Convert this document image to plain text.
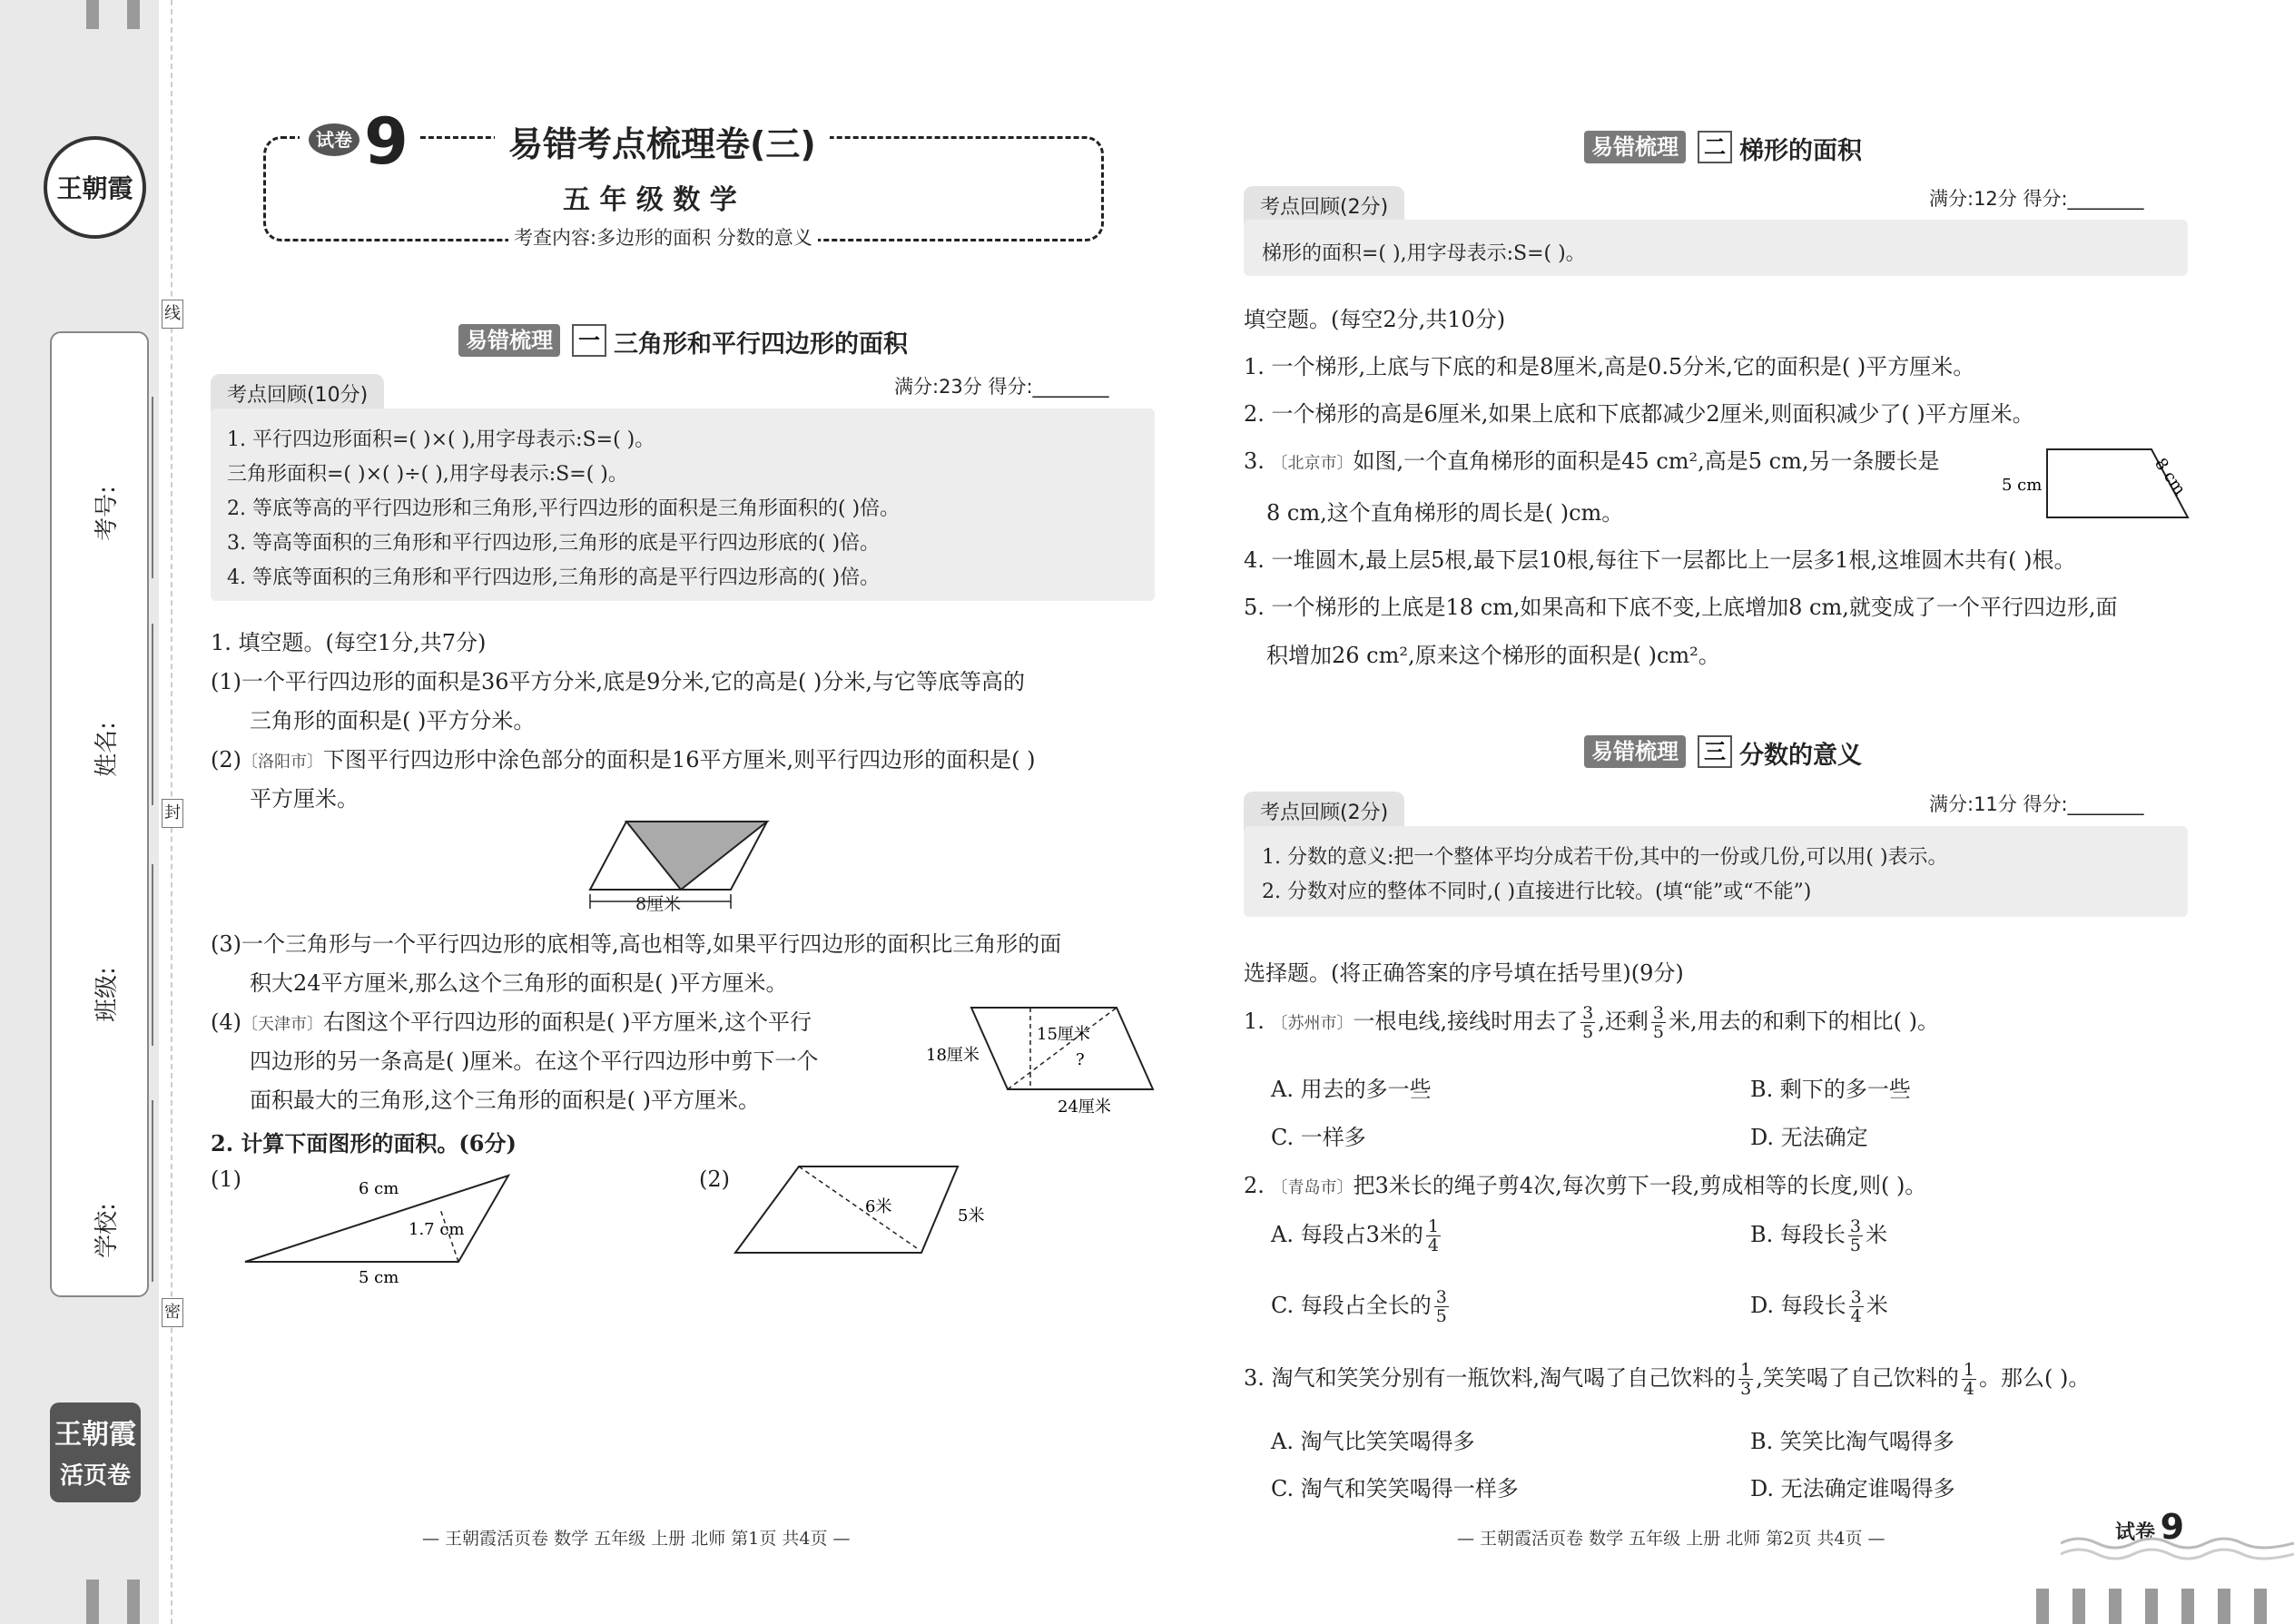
王朝霞
考号:
姓名:
班级:
学校:
王朝霞
活页卷
线
封
密
试卷 9	易错考点梳理卷(三)
五 年 级 数 学
考查内容:多边形的面积 分数的意义
易错梳理	一 三角形和平行四边形的面积
考点回顾(10分)	满分:23分 得分:________
1. 平行四边形面积=( )×( ),用字母表示:S=( )。
三角形面积=( )×( )÷( ),用字母表示:S=( )。
2. 等底等高的平行四边形和三角形,平行四边形的面积是三角形面积的( )倍。
3. 等高等面积的三角形和平行四边形,三角形的底是平行四边形底的( )倍。
4. 等底等面积的三角形和平行四边形,三角形的高是平行四边形高的( )倍。
1. 填空题。(每空1分,共7分)
(1)一个平行四边形的面积是36平方分米,底是9分米,它的高是( )分米,与它等底等高的
三角形的面积是( )平方分米。
(2)〔洛阳市〕下图平行四边形中涂色部分的面积是16平方厘米,则平行四边形的面积是( )
平方厘米。
8厘米
(3)一个三角形与一个平行四边形的底相等,高也相等,如果平行四边形的面积比三角形的面
积大24平方厘米,那么这个三角形的面积是( )平方厘米。
(4)〔天津市〕右图这个平行四边形的面积是( )平方厘米,这个平行
四边形的另一条高是( )厘米。在这个平行四边形中剪下一个
面积最大的三角形,这个三角形的面积是( )平方厘米。
15厘米
18厘米	?
24厘米
2. 计算下面图形的面积。(6分)
(1)	(2)
6 cm
1.7 cm
5 cm
6米	5米
易错梳理	二 梯形的面积
考点回顾(2分)	满分:12分 得分:________
梯形的面积=( ),用字母表示:S=( )。
填空题。(每空2分,共10分)
1. 一个梯形,上底与下底的和是8厘米,高是0.5分米,它的面积是( )平方厘米。
2. 一个梯形的高是6厘米,如果上底和下底都减少2厘米,则面积减少了( )平方厘米。
3. 〔北京市〕如图,一个直角梯形的面积是45 cm²,高是5 cm,另一条腰长是
8 cm,这个直角梯形的周长是( )cm。
5 cm	8 cm
4. 一堆圆木,最上层5根,最下层10根,每往下一层都比上一层多1根,这堆圆木共有( )根。
5. 一个梯形的上底是18 cm,如果高和下底不变,上底增加8 cm,就变成了一个平行四边形,面
积增加26 cm²,原来这个梯形的面积是( )cm²。
易错梳理	三 分数的意义
考点回顾(2分)	满分:11分 得分:________
1. 分数的意义:把一个整体平均分成若干份,其中的一份或几份,可以用( )表示。
2. 分数对应的整体不同时,( )直接进行比较。(填“能”或“不能”)
选择题。(将正确答案的序号填在括号里)(9分)
1. 〔苏州市〕一根电线,接线时用去了 $\frac{3}{5}$ ,还剩 $\frac{3}{5}$ 米,用去的和剩下的相比( )。
A. 用去的多一些	B. 剩下的多一些
C. 一样多	D. 无法确定
2. 〔青岛市〕把3米长的绳子剪4次,每次剪下一段,剪成相等的长度,则( )。
A. 每段占3米的 $\frac{1}{4}$	B. 每段长 $\frac{3}{5}$ 米
C. 每段占全长的 $\frac{3}{5}$	D. 每段长 $\frac{3}{4}$ 米
3. 淘气和笑笑分别有一瓶饮料,淘气喝了自己饮料的 $\frac{1}{3}$ ,笑笑喝了自己饮料的 $\frac{1}{4}$ 。那么( )。
A. 淘气比笑笑喝得多	B. 笑笑比淘气喝得多
C. 淘气和笑笑喝得一样多	D. 无法确定谁喝得多
— 王朝霞活页卷 数学 五年级 上册 北师 第1页 共4页 —	— 王朝霞活页卷 数学 五年级 上册 北师 第2页 共4页 —	试卷 9
